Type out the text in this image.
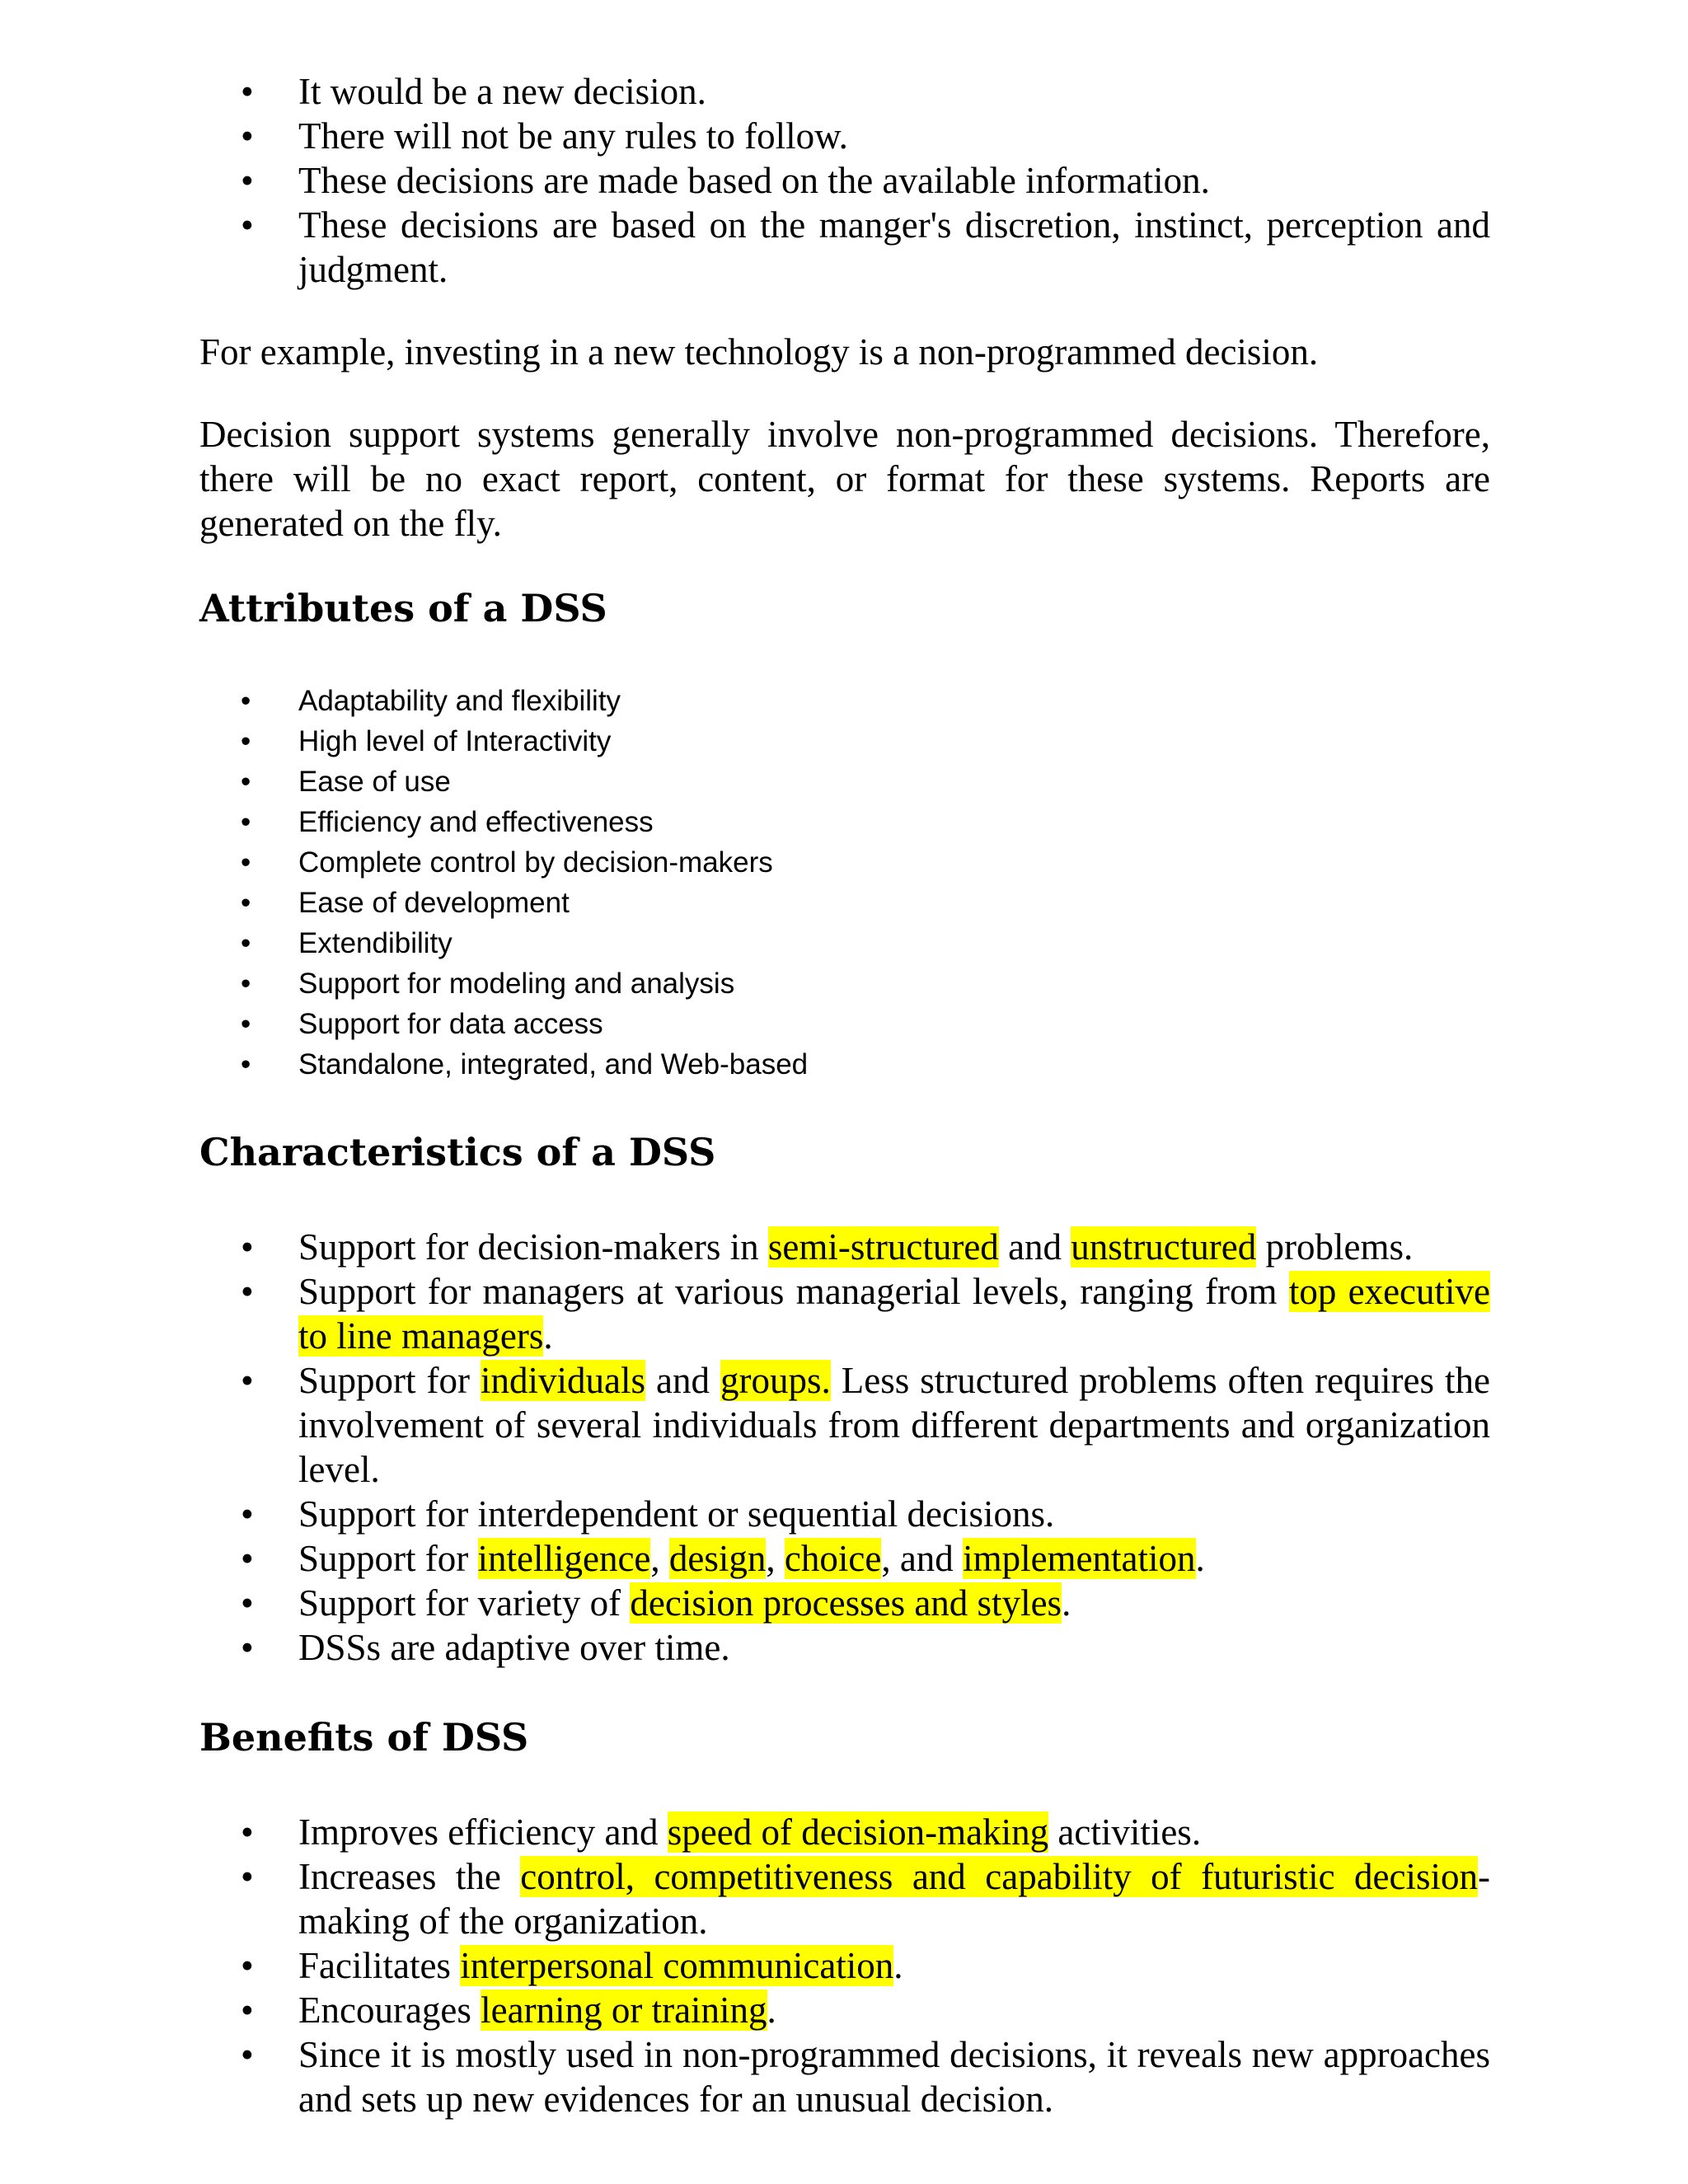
• It would be a new decision.
• There will not be any rules to follow.
• These decisions are made based on the available information.
• These decisions are based on the manger's discretion, instinct, perception and judgment.

For example, investing in a new technology is a non-programmed decision.

Decision support systems generally involve non-programmed decisions. Therefore, there will be no exact report, content, or format for these systems. Reports are generated on the fly.

Attributes of a DSS
• Adaptability and flexibility
• High level of Interactivity
• Ease of use
• Efficiency and effectiveness
• Complete control by decision-makers
• Ease of development
• Extendibility
• Support for modeling and analysis
• Support for data access
• Standalone, integrated, and Web-based
Characteristics of a DSS
• Support for decision-makers in semi-structured and unstructured problems.
• Support for managers at various managerial levels, ranging from top executive to line managers.
• Support for individuals and groups. Less structured problems often requires the involvement of several individuals from different departments and organization level.
• Support for interdependent or sequential decisions.
• Support for intelligence, design, choice, and implementation.
• Support for variety of decision processes and styles.
• DSSs are adaptive over time.
Benefits of DSS
• Improves efficiency and speed of decision-making activities.
• Increases the control, competitiveness and capability of futuristic decision-making of the organization.
• Facilitates interpersonal communication.
• Encourages learning or training.
• Since it is mostly used in non-programmed decisions, it reveals new approaches and sets up new evidences for an unusual decision.
